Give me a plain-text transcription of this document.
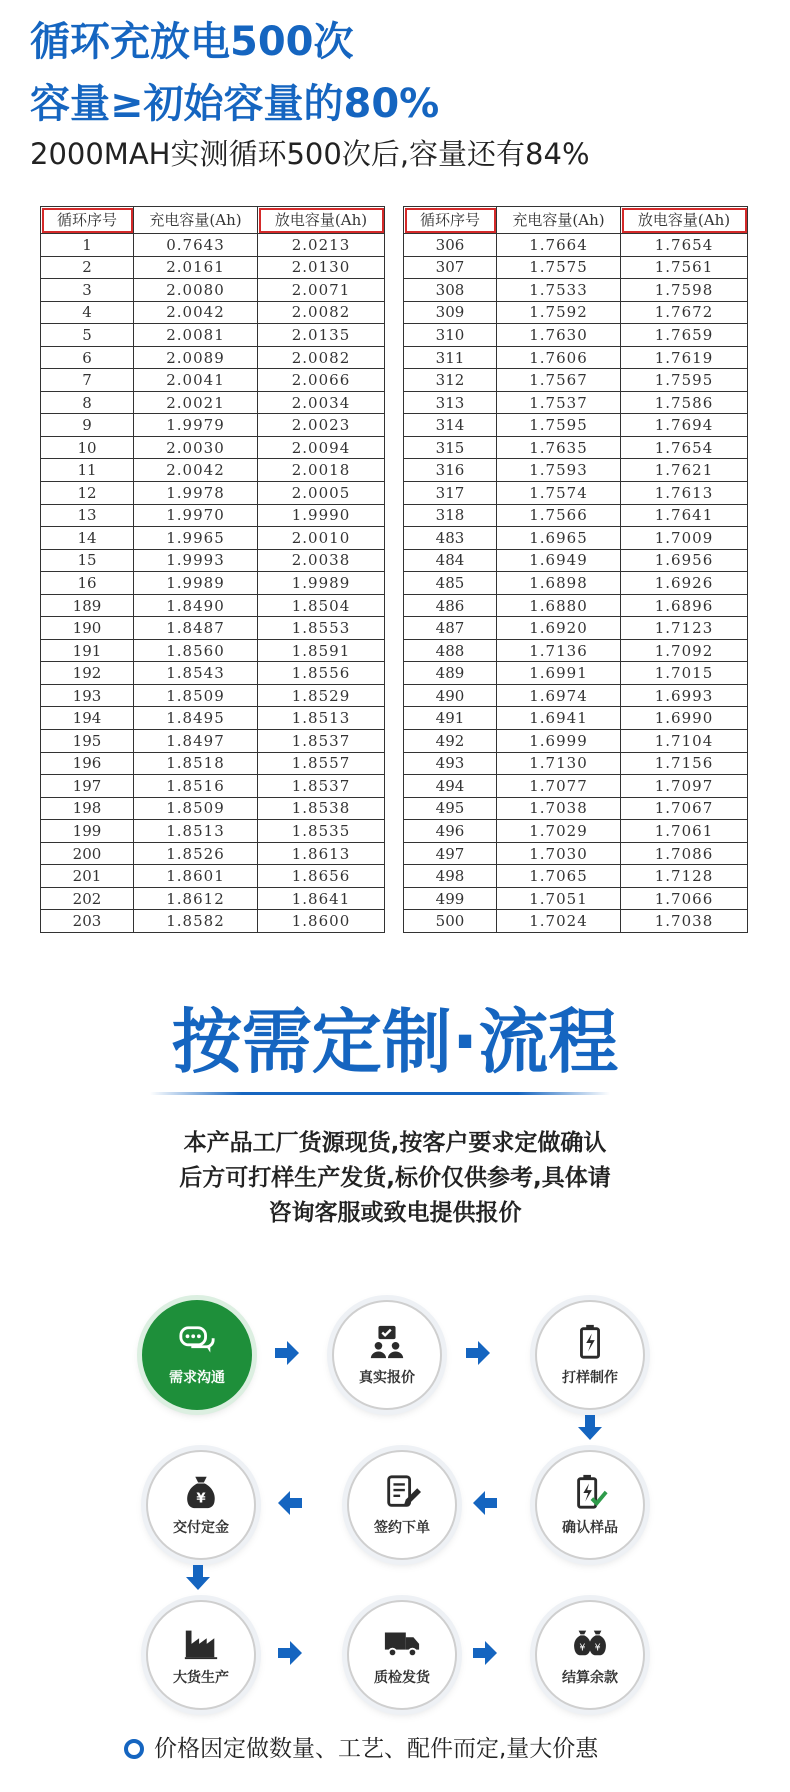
循环充放电500次
容量≥初始容量的80%
2000MAH实测循环500次后,容量还有84%
循环序号	充电容量(Ah)	放电容量(Ah)
1	0.7643	2.0213
2	2.0161	2.0130
3	2.0080	2.0071
4	2.0042	2.0082
5	2.0081	2.0135
6	2.0089	2.0082
7	2.0041	2.0066
8	2.0021	2.0034
9	1.9979	2.0023
10	2.0030	2.0094
11	2.0042	2.0018
12	1.9978	2.0005
13	1.9970	1.9990
14	1.9965	2.0010
15	1.9993	2.0038
16	1.9989	1.9989
189	1.8490	1.8504
190	1.8487	1.8553
191	1.8560	1.8591
192	1.8543	1.8556
193	1.8509	1.8529
194	1.8495	1.8513
195	1.8497	1.8537
196	1.8518	1.8557
197	1.8516	1.8537
198	1.8509	1.8538
199	1.8513	1.8535
200	1.8526	1.8613
201	1.8601	1.8656
202	1.8612	1.8641
203	1.8582	1.8600
循环序号	充电容量(Ah)	放电容量(Ah)
306	1.7664	1.7654
307	1.7575	1.7561
308	1.7533	1.7598
309	1.7592	1.7672
310	1.7630	1.7659
311	1.7606	1.7619
312	1.7567	1.7595
313	1.7537	1.7586
314	1.7595	1.7694
315	1.7635	1.7654
316	1.7593	1.7621
317	1.7574	1.7613
318	1.7566	1.7641
483	1.6965	1.7009
484	1.6949	1.6956
485	1.6898	1.6926
486	1.6880	1.6896
487	1.6920	1.7123
488	1.7136	1.7092
489	1.6991	1.7015
490	1.6974	1.6993
491	1.6941	1.6990
492	1.6999	1.7104
493	1.7130	1.7156
494	1.7077	1.7097
495	1.7038	1.7067
496	1.7029	1.7061
497	1.7030	1.7086
498	1.7065	1.7128
499	1.7051	1.7066
500	1.7024	1.7038
按需定制·流程
本产品工厂货源现货,按客户要求定做确认
后方可打样生产发货,标价仅供参考,具体请
咨询客服或致电提供报价
需求沟通	真实报价	打样制作
确认样品
签约下单
¥
交付定金
大货生产	质检发货
¥ ¥
结算余款
价格因定做数量、工艺、配件而定,量大价惠
